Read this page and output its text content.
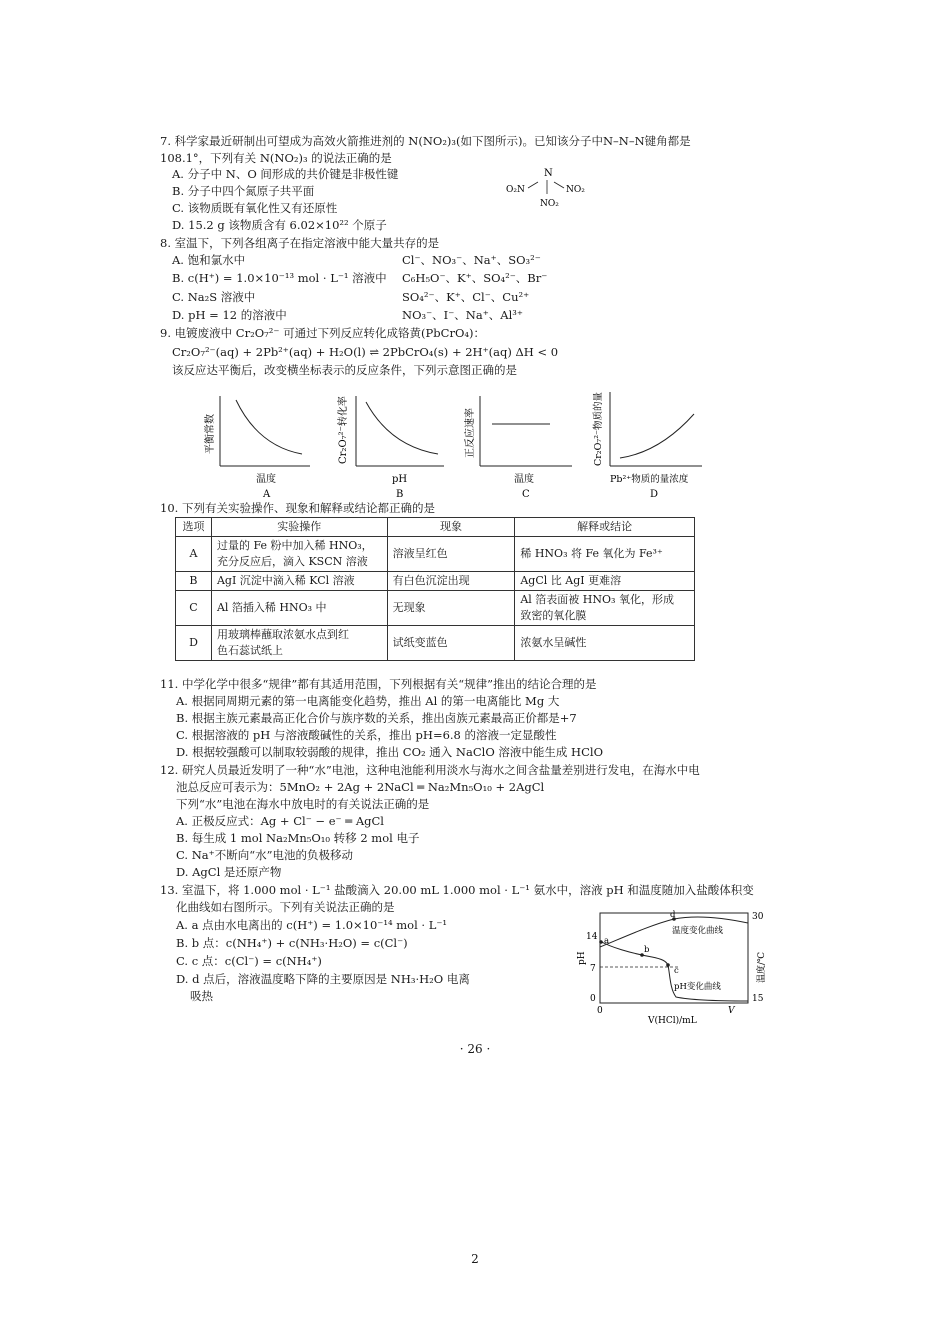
7. 科学家最近研制出可望成为高效火箭推进剂的 N(NO₂)₃(如下图所示)。已知该分子中N–N–N键角都是
108.1°，下列有关 N(NO₂)₃ 的说法正确的是
A. 分子中 N、O 间形成的共价键是非极性键
B. 分子中四个氮原子共平面
C. 该物质既有氧化性又有还原性
D. 15.2 g 该物质含有 6.02×10²² 个原子
N
O₂N	NO₂
NO₂
8. 室温下，下列各组离子在指定溶液中能大量共存的是
A. 饱和氯水中	Cl⁻、NO₃⁻、Na⁺、SO₃²⁻
B. c(H⁺) = 1.0×10⁻¹³ mol · L⁻¹ 溶液中 C₆H₅O⁻、K⁺、SO₄²⁻、Br⁻
C. Na₂S 溶液中	SO₄²⁻、K⁺、Cl⁻、Cu²⁺
D. pH = 12 的溶液中	NO₃⁻、I⁻、Na⁺、Al³⁺
9. 电镀废液中 Cr₂O₇²⁻ 可通过下列反应转化成铬黄(PbCrO₄)：
Cr₂O₇²⁻(aq) + 2Pb²⁺(aq) + H₂O(l) ⇌ 2PbCrO₄(s) + 2H⁺(aq) ΔH < 0
该反应达平衡后，改变横坐标表示的反应条件，下列示意图正确的是
平衡常数
温度
A
Cr₂O₇²⁻转化率
pH
B
正反应速率
温度
C
Cr₂O₇²⁻物质的量
Pb²⁺物质的量浓度
D
10. 下列有关实验操作、现象和解释或结论都正确的是
选项	实验操作	现象	解释或结论
A	过量的 Fe 粉中加入稀 HNO₃，
充分反应后，滴入 KSCN 溶液	溶液呈红色	稀 HNO₃ 将 Fe 氧化为 Fe³⁺
B	AgI 沉淀中滴入稀 KCl 溶液	有白色沉淀出现	AgCl 比 AgI 更难溶
C	Al 箔插入稀 HNO₃ 中	无现象	Al 箔表面被 HNO₃ 氧化，形成
致密的氧化膜

D	用玻璃棒蘸取浓氨水点到红
色石蕊试纸上	试纸变蓝色	浓氨水呈碱性
11. 中学化学中很多“规律”都有其适用范围，下列根据有关“规律”推出的结论合理的是
A. 根据同周期元素的第一电离能变化趋势，推出 Al 的第一电离能比 Mg 大
B. 根据主族元素最高正化合价与族序数的关系，推出卤族元素最高正价都是+7
C. 根据溶液的 pH 与溶液酸碱性的关系，推出 pH=6.8 的溶液一定显酸性
D. 根据较强酸可以制取较弱酸的规律，推出 CO₂ 通入 NaClO 溶液中能生成 HClO
12. 研究人员最近发明了一种“水”电池，这种电池能利用淡水与海水之间含盐量差别进行发电，在海水中电
池总反应可表示为：5MnO₂ + 2Ag + 2NaCl ═ Na₂Mn₅O₁₀ + 2AgCl
下列“水”电池在海水中放电时的有关说法正确的是
A. 正极反应式：Ag + Cl⁻ − e⁻ ═ AgCl
B. 每生成 1 mol Na₂Mn₅O₁₀ 转移 2 mol 电子
C. Na⁺不断向“水”电池的负极移动
D. AgCl 是还原产物
13. 室温下，将 1.000 mol · L⁻¹ 盐酸滴入 20.00 mL 1.000 mol · L⁻¹ 氨水中，溶液 pH 和温度随加入盐酸体积变
化曲线如右图所示。下列有关说法正确的是
A. a 点由水电离出的 c(H⁺) = 1.0×10⁻¹⁴ mol · L⁻¹
B. b 点：c(NH₄⁺) + c(NH₃·H₂O) = c(Cl⁻)
C. c 点：c(Cl⁻) = c(NH₄⁺)
D. d 点后，溶液温度略下降的主要原因是 NH₃·H₂O 电离
吸热
14
7
0
pH
30
15
温度/℃
0	V
V(HCl)/mL
温度变化曲线
pH变化曲线
a
b
c
d
· 26 ·
2
